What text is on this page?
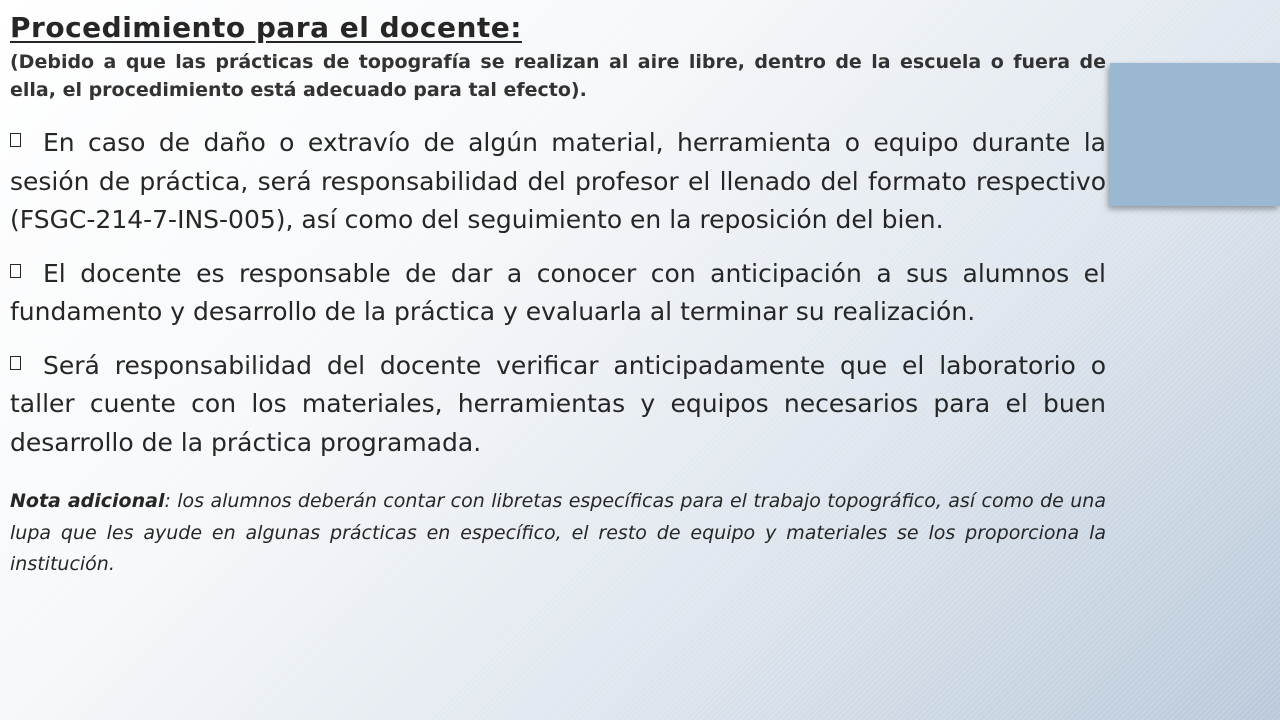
Procedimiento para el docente:

(Debido a que las prácticas de topografía se realizan al aire libre, dentro de la escuela o fuera de ella, el procedimiento está adecuado para tal efecto).

En caso de daño o extravío de algún material, herramienta o equipo durante la sesión de práctica, será responsabilidad del profesor el llenado del formato respectivo (FSGC-214-7-INS-005), así como del seguimiento en la reposición del bien.
El docente es responsable de dar a conocer con anticipación a sus alumnos el fundamento y desarrollo de la práctica y evaluarla al terminar su realización.
Será responsabilidad del docente verificar anticipadamente que el laboratorio o taller cuente con los materiales, herramientas y equipos necesarios para el buen desarrollo de la práctica programada.

Nota adicional: los alumnos deberán contar con libretas específicas para el trabajo topográfico, así como de una lupa que les ayude en algunas prácticas en específico, el resto de equipo y materiales se los proporciona la institución.
